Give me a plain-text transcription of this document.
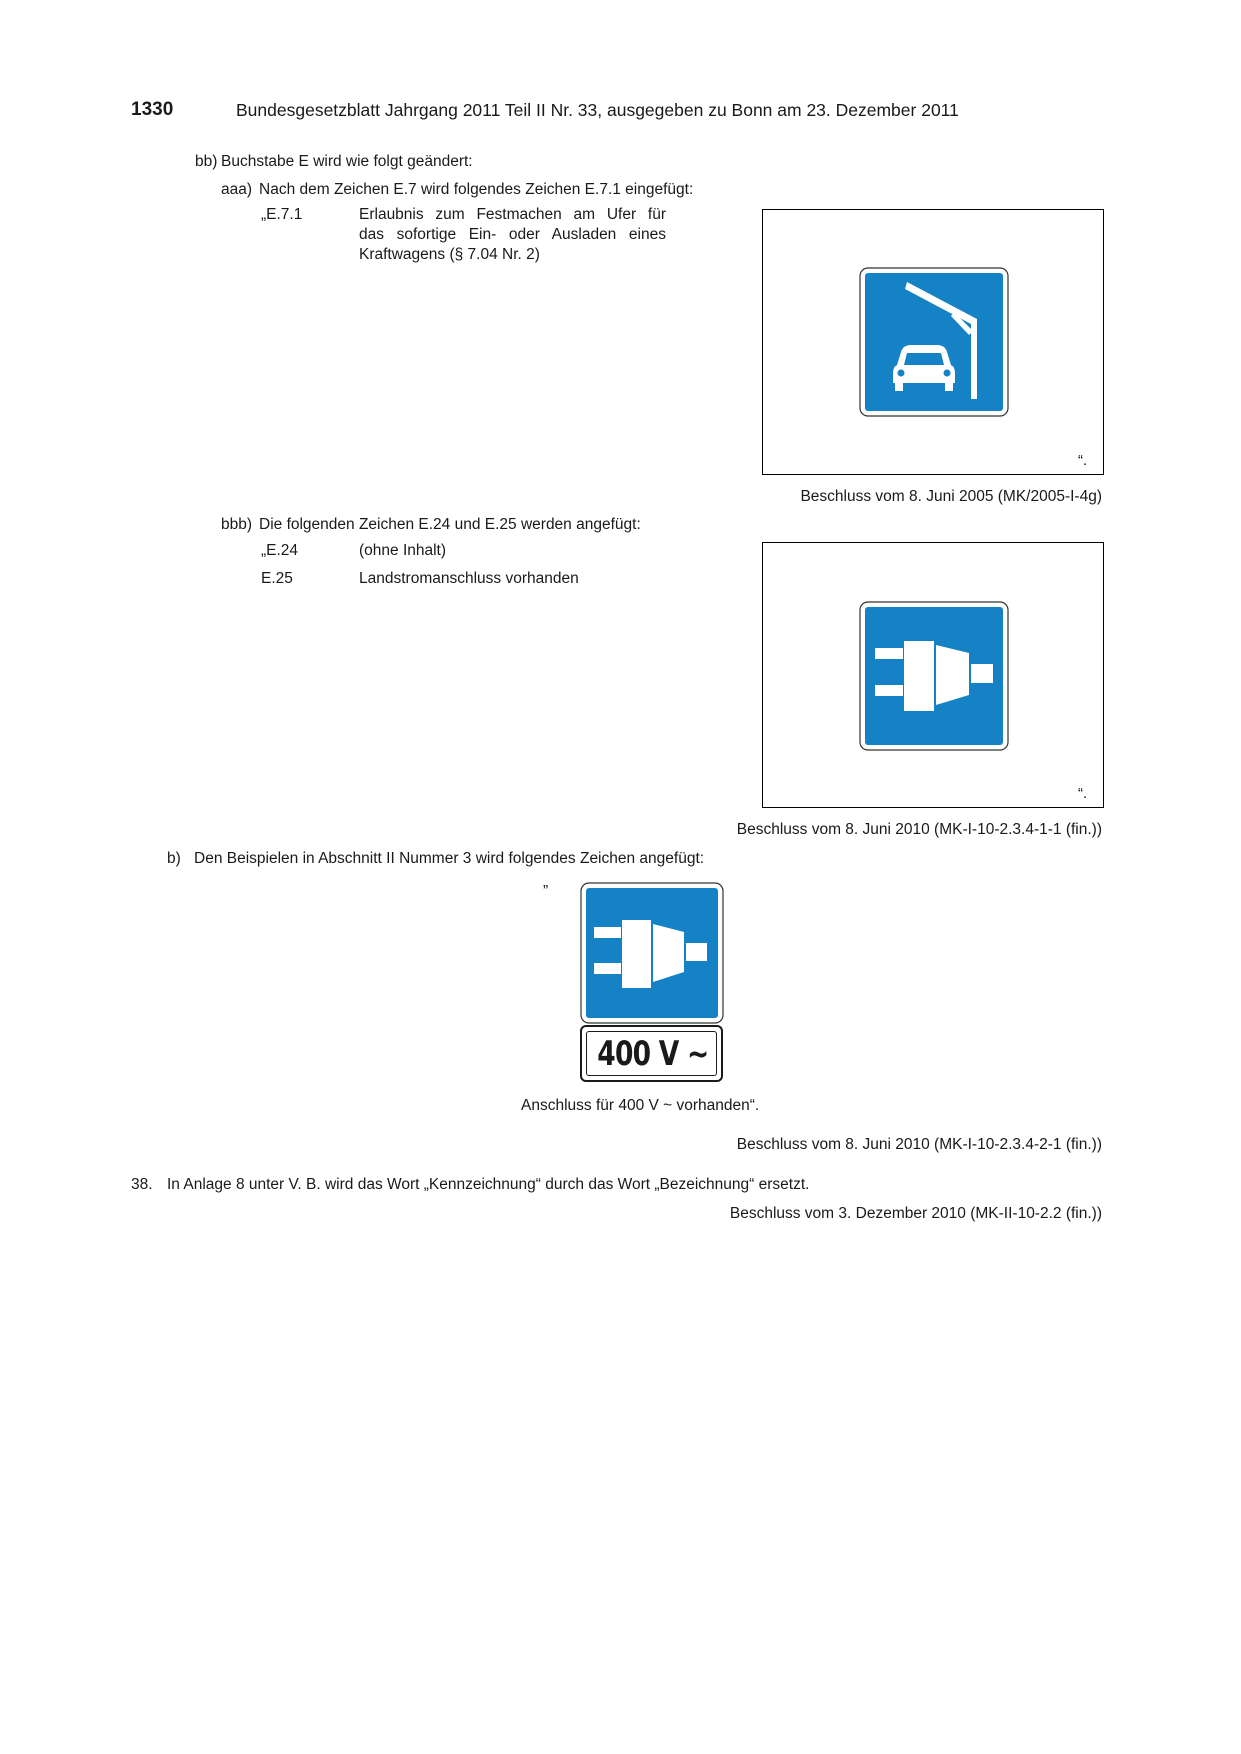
1330	Bundesgesetzblatt Jahrgang 2011 Teil II Nr. 33, ausgegeben zu Bonn am 23. Dezember 2011
bb) Buchstabe E wird wie folgt geändert:
aaa) Nach dem Zeichen E.7 wird folgendes Zeichen E.7.1 eingefügt:
„E.7.1	Erlaubnis zum Festmachen am Ufer für
das sofortige Ein- oder Ausladen eines
Kraftwagens (§ 7.04 Nr. 2)
“.
Beschluss vom 8. Juni 2005 (MK/2005-I-4g)
bbb) Die folgenden Zeichen E.24 und E.25 werden angefügt:
„E.24	(ohne Inhalt)
E.25	Landstromanschluss vorhanden
“.
Beschluss vom 8. Juni 2010 (MK-I-10-2.3.4-1-1 (fin.))
b) Den Beispielen in Abschnitt II Nummer 3 wird folgendes Zeichen angefügt:
”
400 V ~
Anschluss für 400 V ~ vorhanden“.
Beschluss vom 8. Juni 2010 (MK-I-10-2.3.4-2-1 (fin.))
38. In Anlage 8 unter V. B. wird das Wort „Kennzeichnung“ durch das Wort „Bezeichnung“ ersetzt.
Beschluss vom 3. Dezember 2010 (MK-II-10-2.2 (fin.))
